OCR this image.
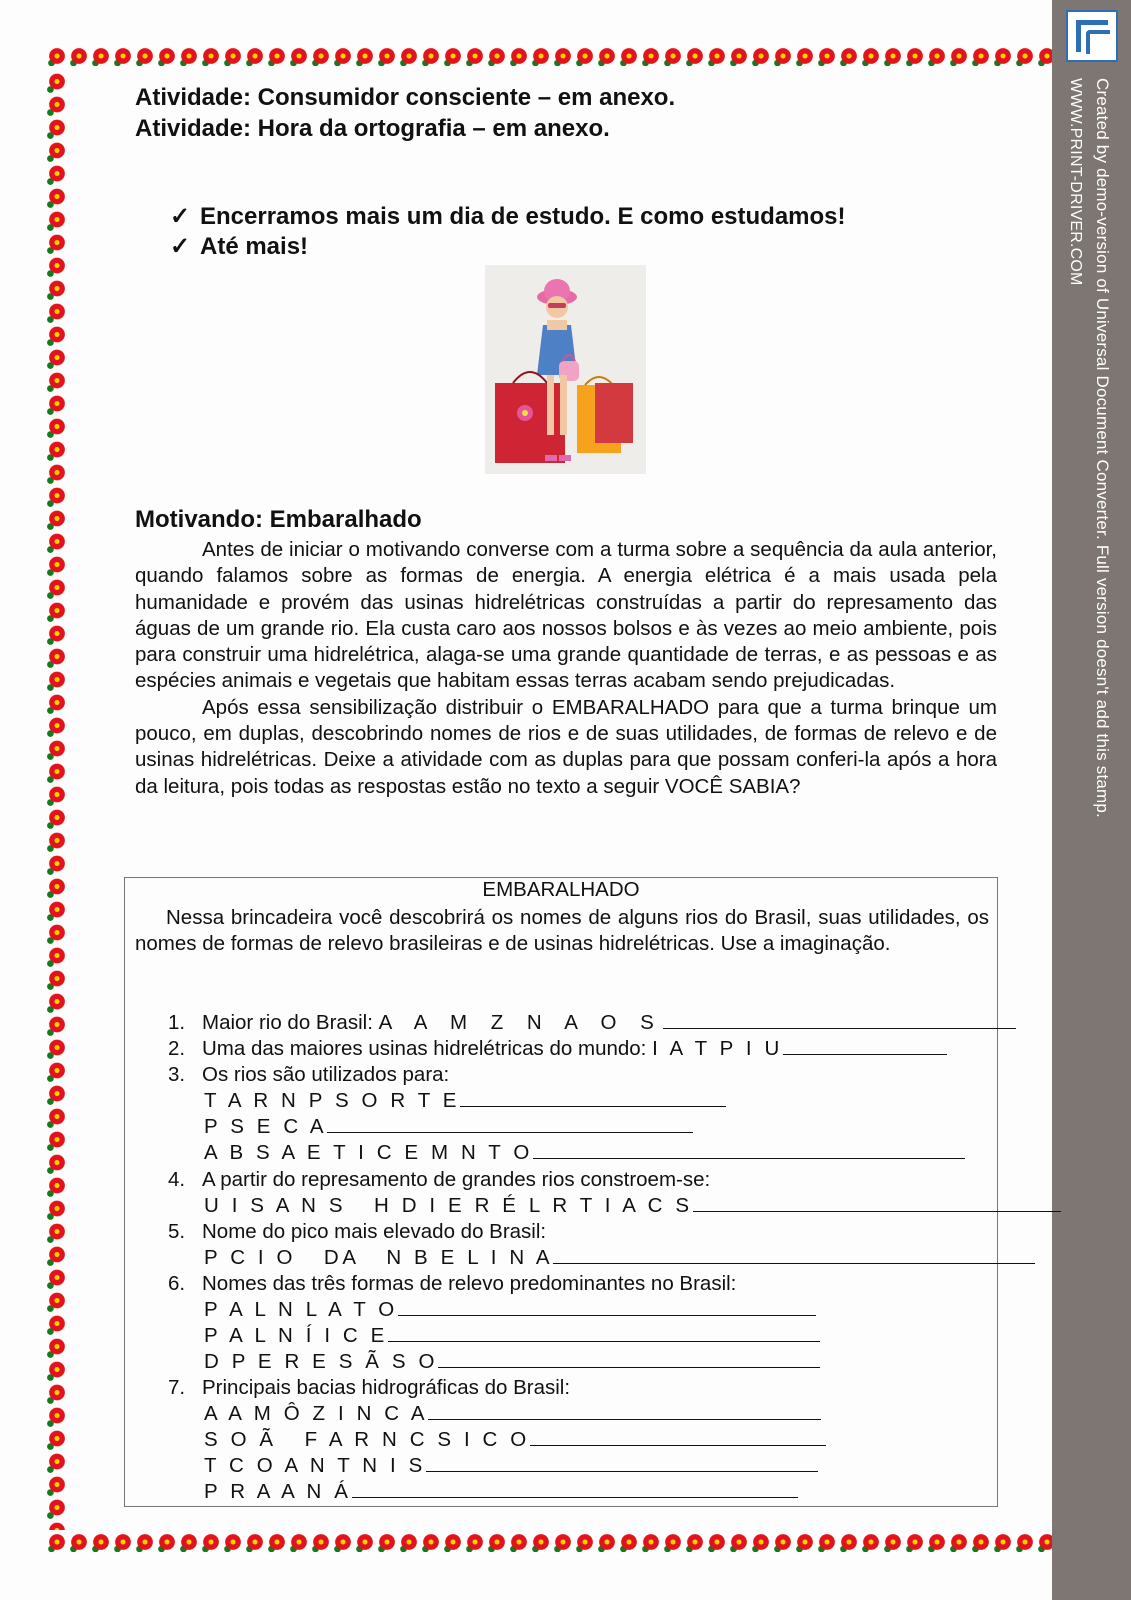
Created by demo-version of Universal Document Converter. Full version doesn't add this stamp.
WWW.PRINT-DRIVER.COM
Atividade: Consumidor consciente – em anexo.
Atividade: Hora da ortografia – em anexo.
✓ Encerramos mais um dia de estudo. E como estudamos!
✓ Até mais!
Motivando: Embaralhado

Antes de iniciar o motivando converse com a turma sobre a sequência da aula anterior, quando falamos sobre as formas de energia. A energia elétrica é a mais usada pela humanidade e provém das usinas hidrelétricas construídas a partir do represamento das águas de um grande rio. Ela custa caro aos nossos bolsos e às vezes ao meio ambiente, pois para construir uma hidrelétrica, alaga-se uma grande quantidade de terras, e as pessoas e as espécies animais e vegetais que habitam essas terras acabam sendo prejudicadas.

Após essa sensibilização distribuir o EMBARALHADO para que a turma brinque um pouco, em duplas, descobrindo nomes de rios e de suas utilidades, de formas de relevo e de usinas hidrelétricas. Deixe a atividade com as duplas para que possam conferi-la após a hora da leitura, pois todas as respostas estão no texto a seguir VOCÊ SABIA?

EMBARALHADO

Nessa brincadeira você descobrirá os nomes de alguns rios do Brasil, suas utilidades, os nomes de formas de relevo brasileiras e de usinas hidrelétricas. Use a imaginação.

1. Maior rio do Brasil: A A M Z N A O S
2. Uma das maiores usinas hidrelétricas do mundo: I A T P I U
3. Os rios são utilizados para:
T A R N P S O R T E
P S E C A
A B S A E T I C E M N T O
4. A partir do represamento de grandes rios constroem-se:
U I S A N S   H D I E R É L R T I A C S
5. Nome do pico mais elevado do Brasil:
P C I O   DA   N B E L I N A
6. Nomes das três formas de relevo predominantes no Brasil:
P A L N L A T O
P A L N Í I C E
D P E R E S Ã S O
7. Principais bacias hidrográficas do Brasil:
A A M Ô Z I N C A
S O Ã   F A R N C S I C O
T C O A N T N I S
P R A A N Á
